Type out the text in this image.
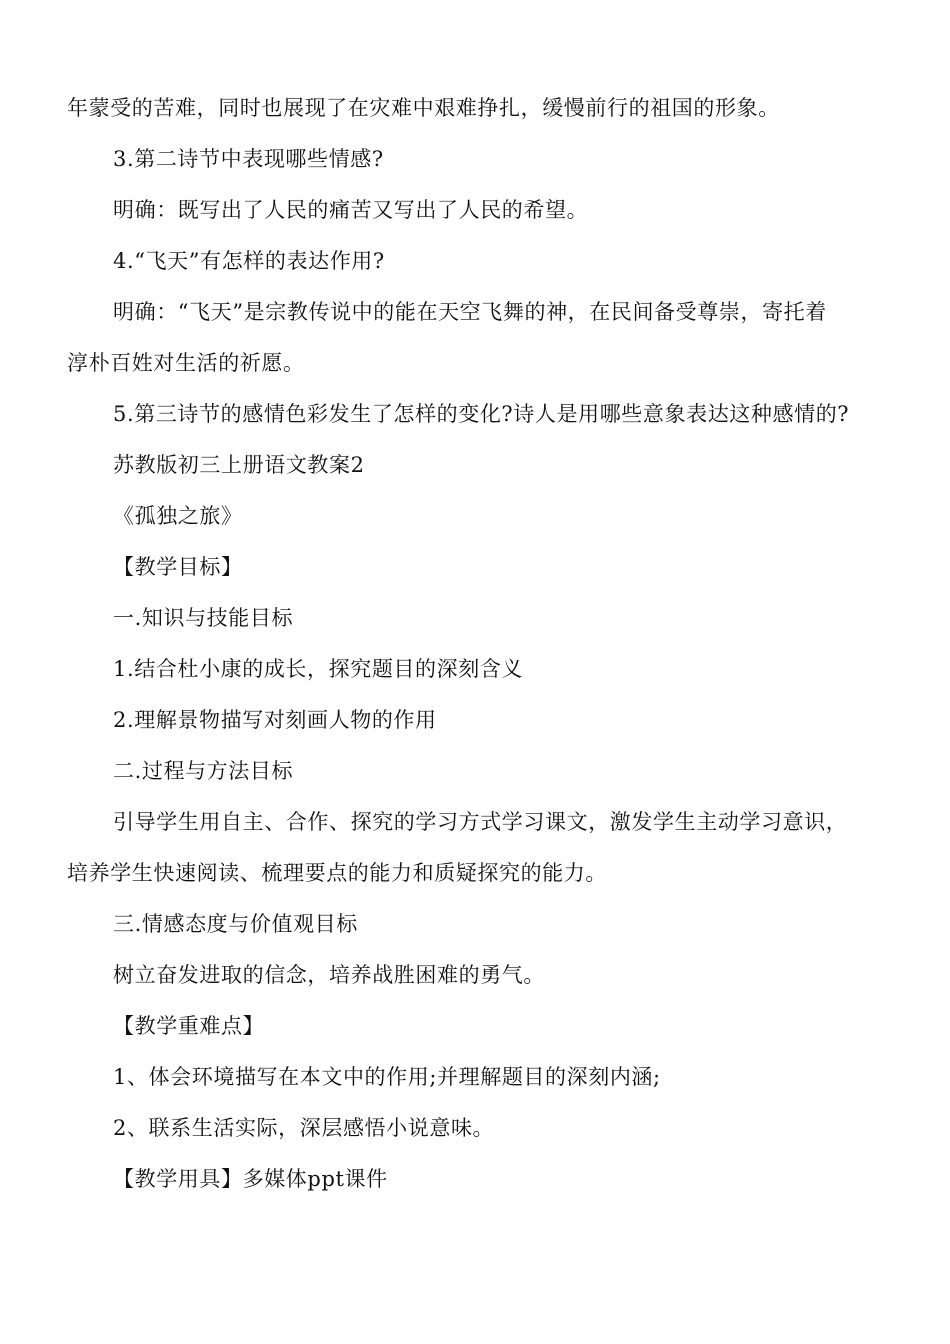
年蒙受的苦难，同时也展现了在灾难中艰难挣扎，缓慢前行的祖国的形象。
3.第二诗节中表现哪些情感?
明确：既写出了人民的痛苦又写出了人民的希望。
4.“飞天”有怎样的表达作用?
明确：“飞天”是宗教传说中的能在天空飞舞的神，在民间备受尊崇，寄托着
淳朴百姓对生活的祈愿。
5.第三诗节的感情色彩发生了怎样的变化?诗人是用哪些意象表达这种感情的?
苏教版初三上册语文教案2
《孤独之旅》
【教学目标】
一.知识与技能目标
1.结合杜小康的成长，探究题目的深刻含义
2.理解景物描写对刻画人物的作用
二.过程与方法目标
引导学生用自主、合作、探究的学习方式学习课文，激发学生主动学习意识，
培养学生快速阅读、梳理要点的能力和质疑探究的能力。
三.情感态度与价值观目标
树立奋发进取的信念，培养战胜困难的勇气。
【教学重难点】
1、体会环境描写在本文中的作用;并理解题目的深刻内涵;
2、联系生活实际，深层感悟小说意味。
【教学用具】多媒体ppt课件
